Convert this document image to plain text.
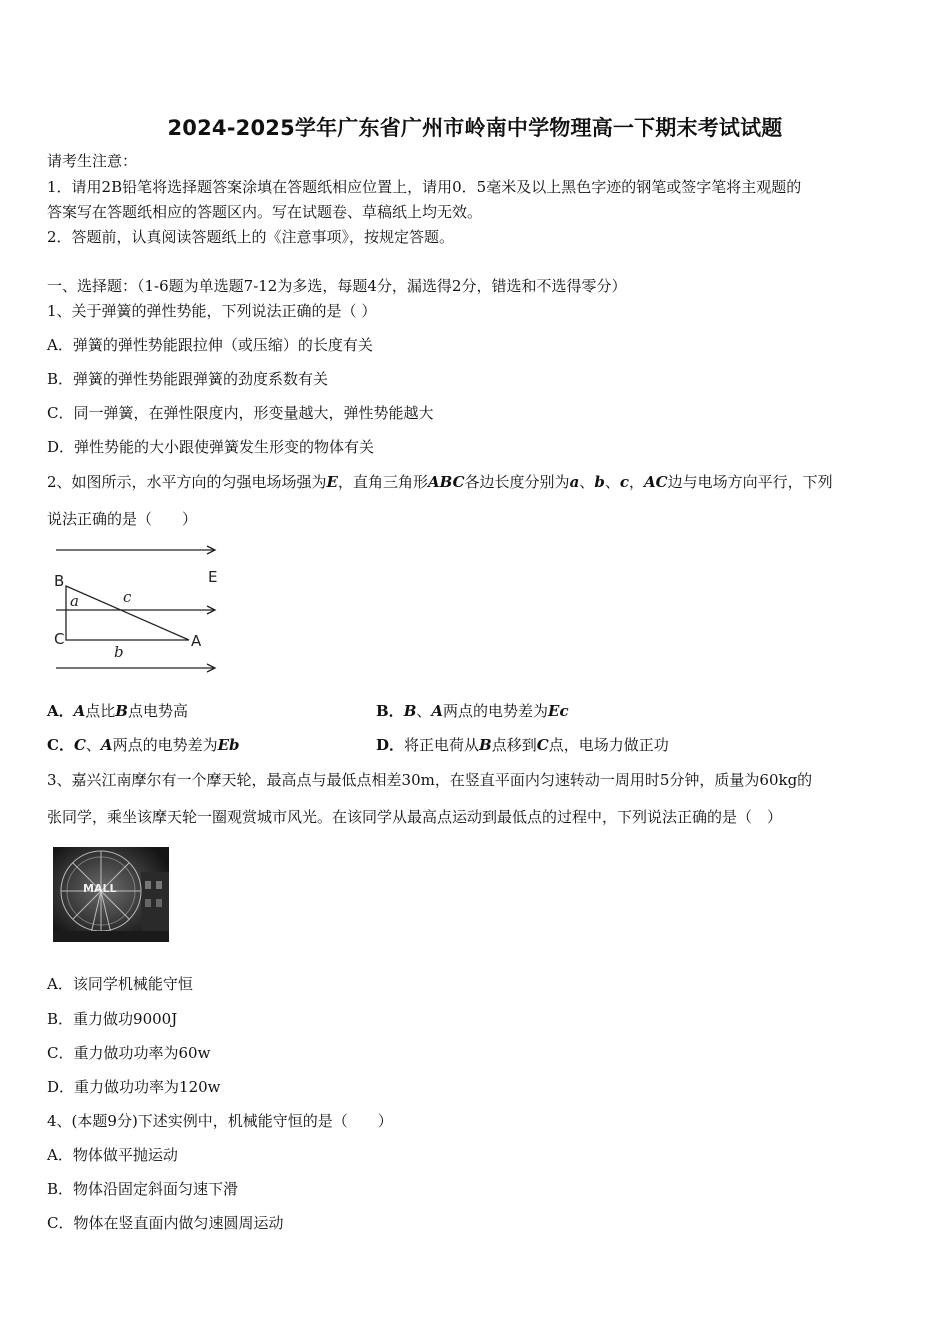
2024-2025学年广东省广州市岭南中学物理高一下期末考试试题
请考生注意：
1．请用2B铅笔将选择题答案涂填在答题纸相应位置上，请用0．5毫米及以上黑色字迹的钢笔或签字笔将主观题的
答案写在答题纸相应的答题区内。写在试题卷、草稿纸上均无效。
2．答题前，认真阅读答题纸上的《注意事项》，按规定答题。
一、选择题：（1-6题为单选题7-12为多选，每题4分，漏选得2分，错选和不选得零分）
1、关于弹簧的弹性势能，下列说法正确的是（ ）
A．弹簧的弹性势能跟拉伸（或压缩）的长度有关
B．弹簧的弹性势能跟弹簧的劲度系数有关
C．同一弹簧，在弹性限度内，形变量越大，弹性势能越大
D．弹性势能的大小跟使弹簧发生形变的物体有关
2、如图所示，水平方向的匀强电场场强为E，直角三角形ABC各边长度分别为a、b、c，AC边与电场方向平行，下列
说法正确的是（　　）
B
C	A
E
a
b
c
A．A点比B点电势高	B．B、A两点的电势差为Ec
C．C、A两点的电势差为Eb	D．将正电荷从B点移到C点，电场力做正功
3、嘉兴江南摩尔有一个摩天轮，最高点与最低点相差30m，在竖直平面内匀速转动一周用时5分钟，质量为60kg的
张同学，乘坐该摩天轮一圈观赏城市风光。在该同学从最高点运动到最低点的过程中，下列说法正确的是（　）
MALL
A．该同学机械能守恒
B．重力做功9000J
C．重力做功功率为60w
D．重力做功功率为120w
4、(本题9分)下述实例中，机械能守恒的是（　　）
A．物体做平抛运动
B．物体沿固定斜面匀速下滑
C．物体在竖直面内做匀速圆周运动
